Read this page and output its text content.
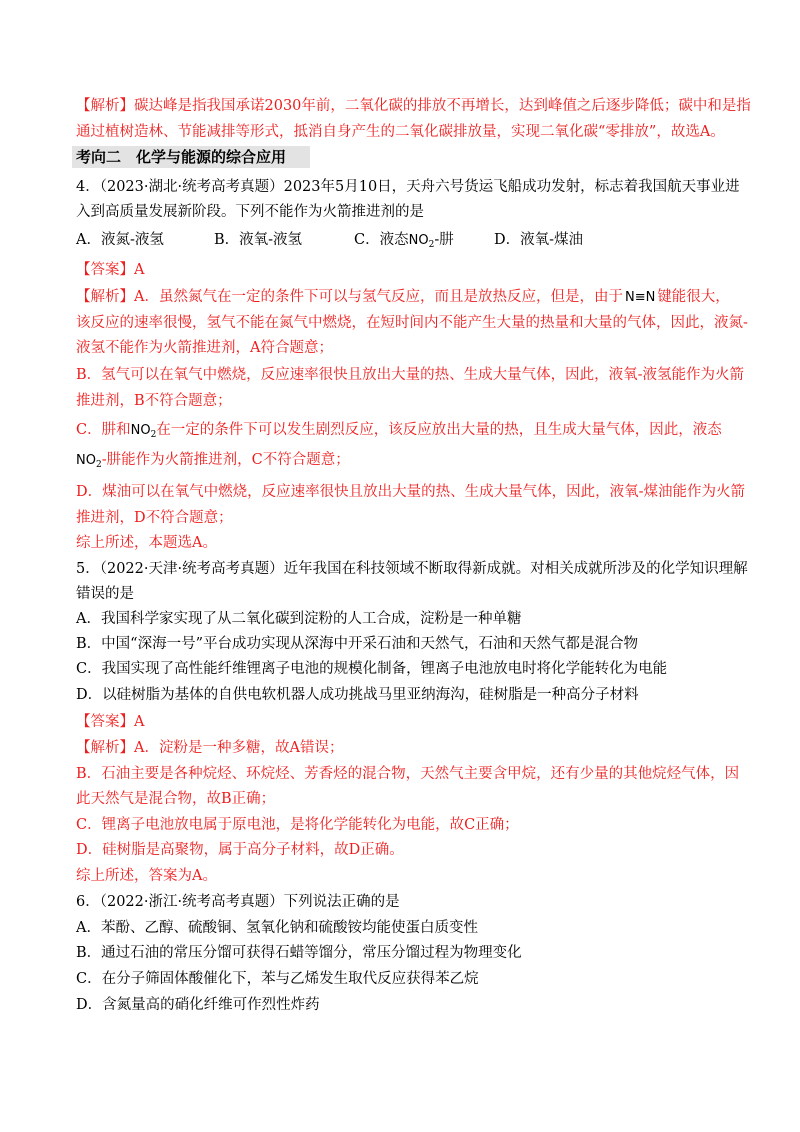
【解析】碳达峰是指我国承诺2030年前，二氧化碳的排放不再增长，达到峰值之后逐步降低；碳中和是指
通过植树造林、节能减排等形式，抵消自身产生的二氧化碳排放量，实现二氧化碳“零排放”，故选A。
考向二　化学与能源的综合应用
4．（2023·湖北·统考高考真题）2023年5月10日，天舟六号货运飞船成功发射，标志着我国航天事业进
入到高质量发展新阶段。下列不能作为火箭推进剂的是
A．液氮-液氢	B．液氧-液氢	C．液态$NO_2-$肼	D．液氧-煤油
【答案】A
【解析】A．虽然氮气在一定的条件下可以与氢气反应，而且是放热反应，但是，由于 N≡N 键能很大，
该反应的速率很慢，氢气不能在氮气中燃烧，在短时间内不能产生大量的热量和大量的气体，因此，液氮-
液氢不能作为火箭推进剂，A符合题意；
B．氢气可以在氧气中燃烧，反应速率很快且放出大量的热、生成大量气体，因此，液氧-液氢能作为火箭
推进剂，B不符合题意；
C．肼和$NO_2$在一定的条件下可以发生剧烈反应，该反应放出大量的热，且生成大量气体，因此，液态
$NO_2-$肼能作为火箭推进剂，C不符合题意；
D．煤油可以在氧气中燃烧，反应速率很快且放出大量的热、生成大量气体，因此，液氧-煤油能作为火箭
推进剂，D不符合题意；
综上所述，本题选A。
5．（2022·天津·统考高考真题）近年我国在科技领域不断取得新成就。对相关成就所涉及的化学知识理解
错误的是
A．我国科学家实现了从二氧化碳到淀粉的人工合成，淀粉是一种单糖
B．中国“深海一号”平台成功实现从深海中开采石油和天然气，石油和天然气都是混合物
C．我国实现了高性能纤维锂离子电池的规模化制备，锂离子电池放电时将化学能转化为电能
D．以硅树脂为基体的自供电软机器人成功挑战马里亚纳海沟，硅树脂是一种高分子材料
【答案】A
【解析】A．淀粉是一种多糖，故A错误；
B．石油主要是各种烷烃、环烷烃、芳香烃的混合物，天然气主要含甲烷，还有少量的其他烷烃气体，因
此天然气是混合物，故B正确；
C．锂离子电池放电属于原电池，是将化学能转化为电能，故C正确；
D．硅树脂是高聚物，属于高分子材料，故D正确。
综上所述，答案为A。
6．（2022·浙江·统考高考真题）下列说法正确的是
A．苯酚、乙醇、硫酸铜、氢氧化钠和硫酸铵均能使蛋白质变性
B．通过石油的常压分馏可获得石蜡等馏分，常压分馏过程为物理变化
C．在分子筛固体酸催化下，苯与乙烯发生取代反应获得苯乙烷
D．含氮量高的硝化纤维可作烈性炸药
